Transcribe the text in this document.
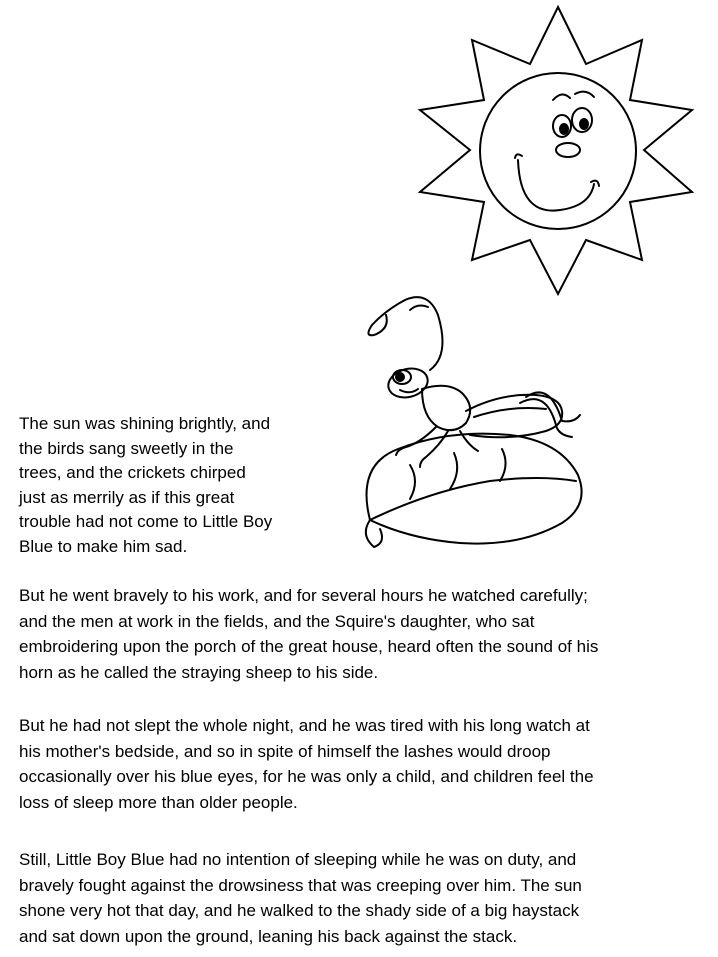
The sun was shining brightly, and
the birds sang sweetly in the
trees, and the crickets chirped
just as merrily as if this great
trouble had not come to Little Boy
Blue to make him sad.

But he went bravely to his work, and for several hours he watched carefully;
and the men at work in the fields, and the Squire's daughter, who sat
embroidering upon the porch of the great house, heard often the sound of his
horn as he called the straying sheep to his side.

But he had not slept the whole night, and he was tired with his long watch at
his mother's bedside, and so in spite of himself the lashes would droop
occasionally over his blue eyes, for he was only a child, and children feel the
loss of sleep more than older people.

Still, Little Boy Blue had no intention of sleeping while he was on duty, and
bravely fought against the drowsiness that was creeping over him. The sun
shone very hot that day, and he walked to the shady side of a big haystack
and sat down upon the ground, leaning his back against the stack.
